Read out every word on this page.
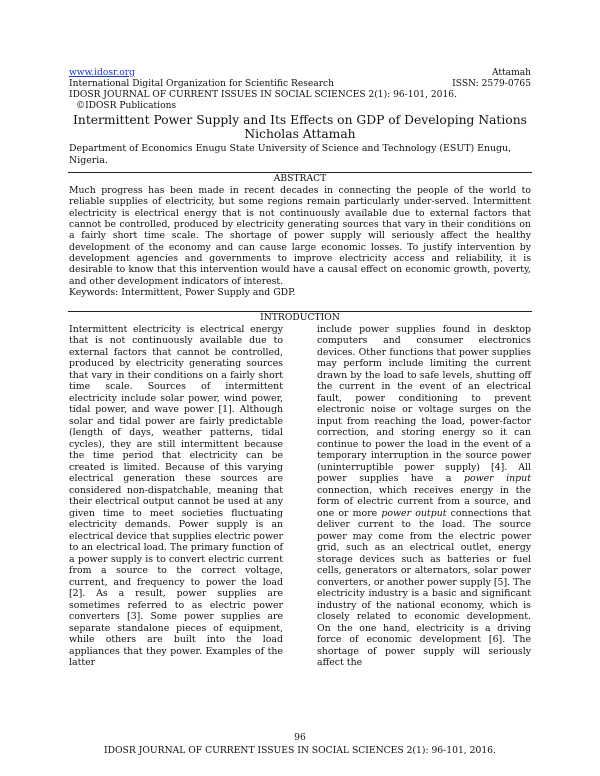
www.idosr.org	Attamah
International Digital Organization for Scientific Research	ISSN: 2579-0765
IDOSR JOURNAL OF CURRENT ISSUES IN SOCIAL SCIENCES 2(1): 96-101, 2016.
©IDOSR Publications
Intermittent Power Supply and Its Effects on GDP of Developing Nations
Nicholas Attamah
Department of Economics Enugu State University of Science and Technology (ESUT) Enugu, Nigeria.
ABSTRACT

Much progress has been made in recent decades in connecting the people of the world to reliable supplies of electricity, but some regions remain particularly under-served. Intermittent electricity is electrical energy that is not continuously available due to external factors that cannot be controlled, produced by electricity generating sources that vary in their conditions on a fairly short time scale. The shortage of power supply will seriously affect the healthy development of the economy and can cause large economic losses. To justify intervention by development agencies and governments to improve electricity access and reliability, it is desirable to know that this intervention would have a causal effect on economic growth, poverty, and other development indicators of interest.

Keywords: Intermittent, Power Supply and GDP.
INTRODUCTION

Intermittent electricity is electrical energy that is not continuously available due to external factors that cannot be controlled, produced by electricity generating sources that vary in their conditions on a fairly short time scale. Sources of intermittent electricity include solar power, wind power, tidal power, and wave power [1]. Although solar and tidal power are fairly predictable (length of days, weather patterns, tidal cycles), they are still intermittent because the time period that electricity can be created is limited. Because of this varying electrical generation these sources are considered non-dispatchable, meaning that their electrical output cannot be used at any given time to meet societies fluctuating electricity demands. Power supply is an electrical device that supplies electric power to an electrical load. The primary function of a power supply is to convert electric current from a source to the correct voltage, current, and frequency to power the load [2]. As a result, power supplies are sometimes referred to as electric power converters [3]. Some power supplies are separate standalone pieces of equipment, while others are built into the load appliances that they power. Examples of the latter

include power supplies found in desktop computers and consumer electronics devices. Other functions that power supplies may perform include limiting the current drawn by the load to safe levels, shutting off the current in the event of an electrical fault, power conditioning to prevent electronic noise or voltage surges on the input from reaching the load, power-factor correction, and storing energy so it can continue to power the load in the event of a temporary interruption in the source power (uninterruptible power supply) [4]. All power supplies have a power input connection, which receives energy in the form of electric current from a source, and one or more power output connections that deliver current to the load. The source power may come from the electric power grid, such as an electrical outlet, energy storage devices such as batteries or fuel cells, generators or alternators, solar power converters, or another power supply [5]. The electricity industry is a basic and significant industry of the national economy, which is closely related to economic development. On the one hand, electricity is a driving force of economic development [6]. The shortage of power supply will seriously affect the

96
IDOSR JOURNAL OF CURRENT ISSUES IN SOCIAL SCIENCES 2(1): 96-101, 2016.
